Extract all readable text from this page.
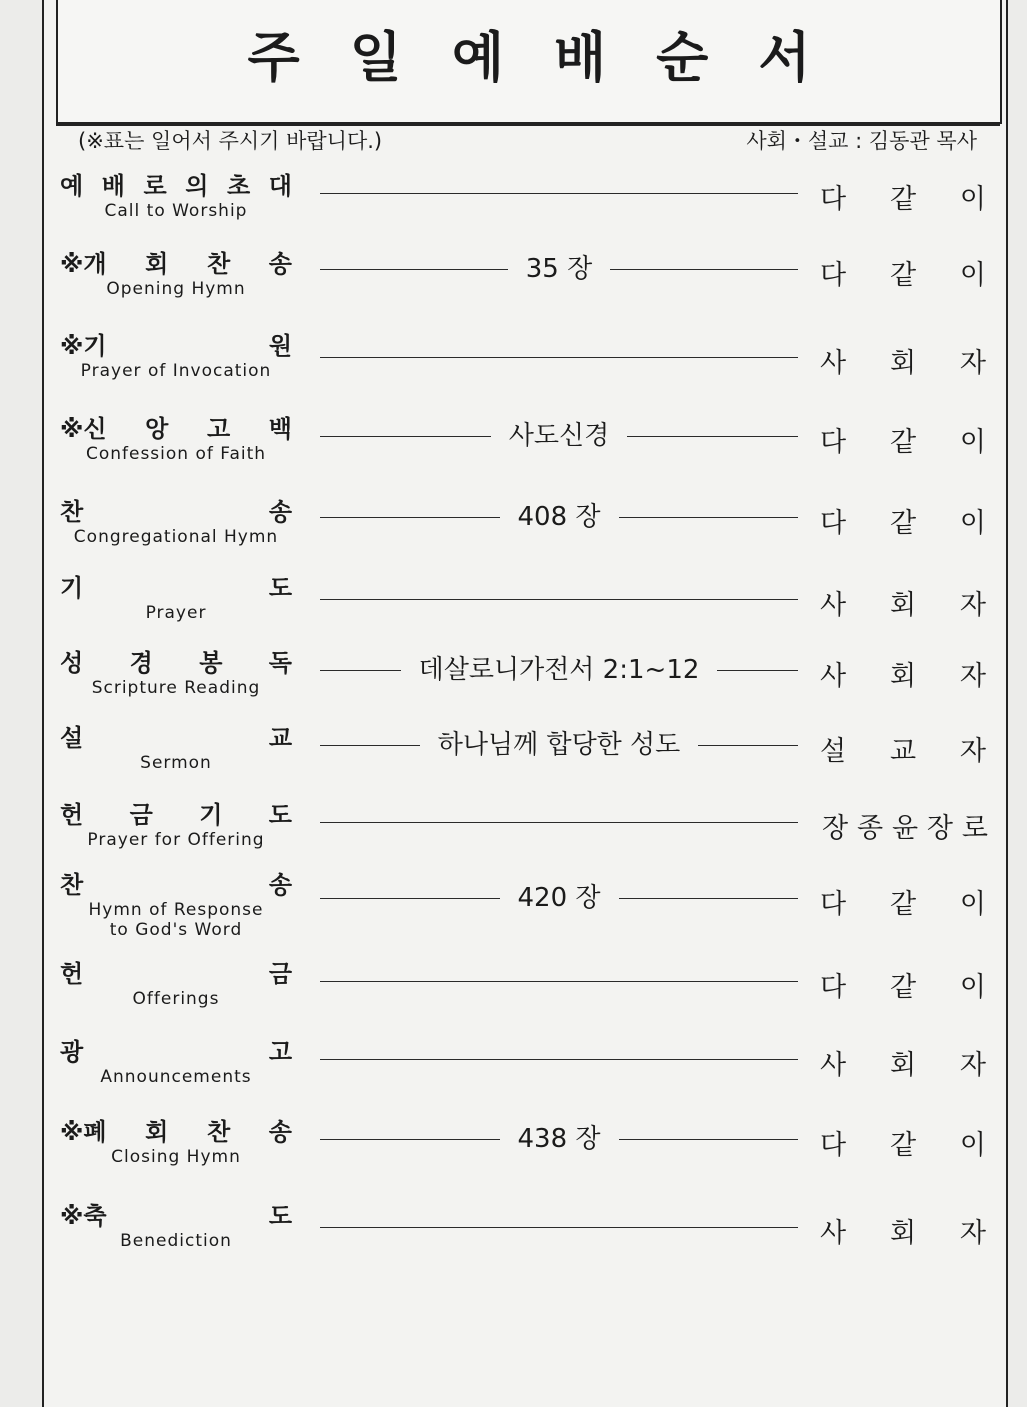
주일예배순서
(※표는 일어서 주시기 바랍니다.)	사회・설교 : 김동관 목사
예 배 로 의 초 대
Call to Worship	다 같 이
※개 회 찬 송
Opening Hymn
35 장	다 같 이
※기	원
Prayer of Invocation	사 회 자
※신 앙 고 백
Confession of Faith
사도신경	다 같 이
찬	송
Congregational Hymn
408 장	다 같 이
기	도
Prayer	사 회 자
성 경 봉 독
Scripture Reading
데살로니가전서 2:1~12	사 회 자
설	교
Sermon
하나님께 합당한 성도	설 교 자
헌 금 기 도
Prayer for Offering	장 종 윤 장 로
찬	송
Hymn of Response
to God's Word
420 장	다 같 이
헌	금
Offerings	다 같 이
광	고
Announcements	사 회 자
※폐 회 찬 송
Closing Hymn
438 장	다 같 이
※축	도
Benediction	사 회 자
